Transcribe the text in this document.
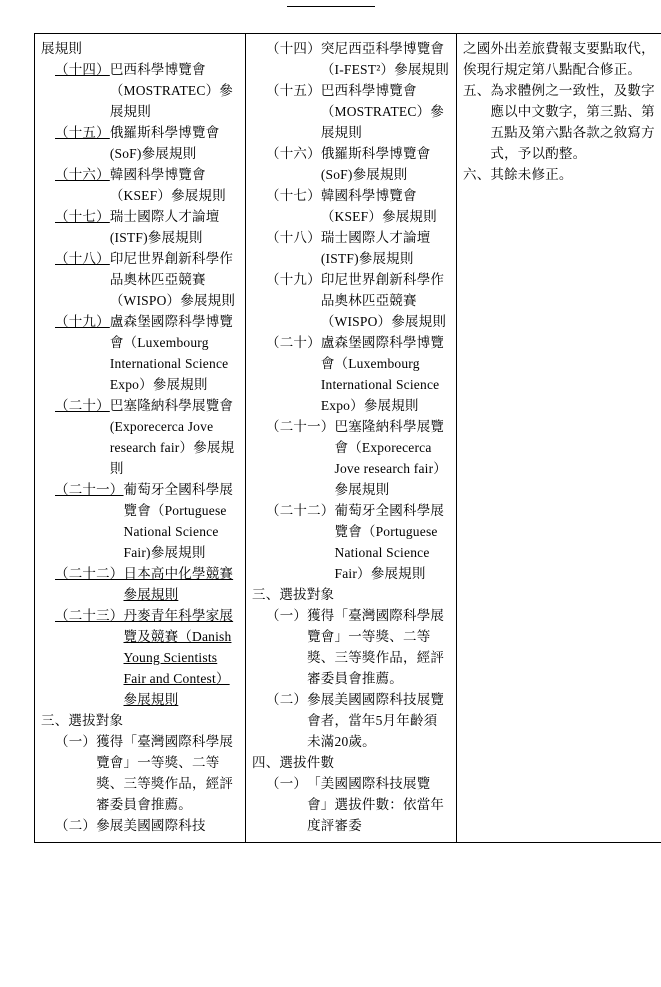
展規則
（十四） 巴西科學博覽會（MOSTRATEC）參展規則
（十五） 俄羅斯科學博覽會(SoF)參展規則
（十六） 韓國科學博覽會（KSEF）參展規則
（十七） 瑞士國際人才論壇(ISTF)參展規則
（十八） 印尼世界創新科學作品奧林匹亞競賽（WISPO）參展規則
（十九） 盧森堡國際科學博覽會（Luxembourg International Science Expo）參展規則
（二十） 巴塞隆納科學展覽會(Exporecerca Jove research fair）參展規則
（二十一） 葡萄牙全國科學展覽會（Portuguese National Science Fair)參展規則
（二十二） 日本高中化學競賽參展規則
（二十三） 丹麥青年科學家展覽及競賽（Danish Young Scientists Fair and Contest）參展規則
三、 選拔對象
（一） 獲得「臺灣國際科學展覽會」一等獎、二等獎、三等獎作品，經評審委員會推薦。
（二） 參展美國國際科技

（十四） 突尼西亞科學博覽會（I-FEST²）參展規則
（十五） 巴西科學博覽會（MOSTRATEC）參展規則
（十六） 俄羅斯科學博覽會(SoF)參展規則
（十七） 韓國科學博覽會（KSEF）參展規則
（十八） 瑞士國際人才論壇(ISTF)參展規則
（十九） 印尼世界創新科學作品奧林匹亞競賽（WISPO）參展規則
（二十） 盧森堡國際科學博覽會（Luxembourg International Science Expo）參展規則
（二十一） 巴塞隆納科學展覽會（Exporecerca Jove research fair）參展規則
（二十二） 葡萄牙全國科學展覽會（Portuguese National Science Fair）參展規則
三、 選拔對象
（一） 獲得「臺灣國際科學展覽會」一等獎、二等獎、三等獎作品，經評審委員會推薦。
（二） 參展美國國際科技展覽會者，當年5月年齡須未滿20歲。
四、 選拔件數
（一） 「美國國際科技展覽會」選拔件數：依當年度評審委

之國外出差旅費報支要點取代，俟現行規定第八點配合修正。
五、 為求體例之一致性，及數字應以中文數字，第三點、第五點及第六點各款之敘寫方式，予以酌整。
六、 其餘未修正。
